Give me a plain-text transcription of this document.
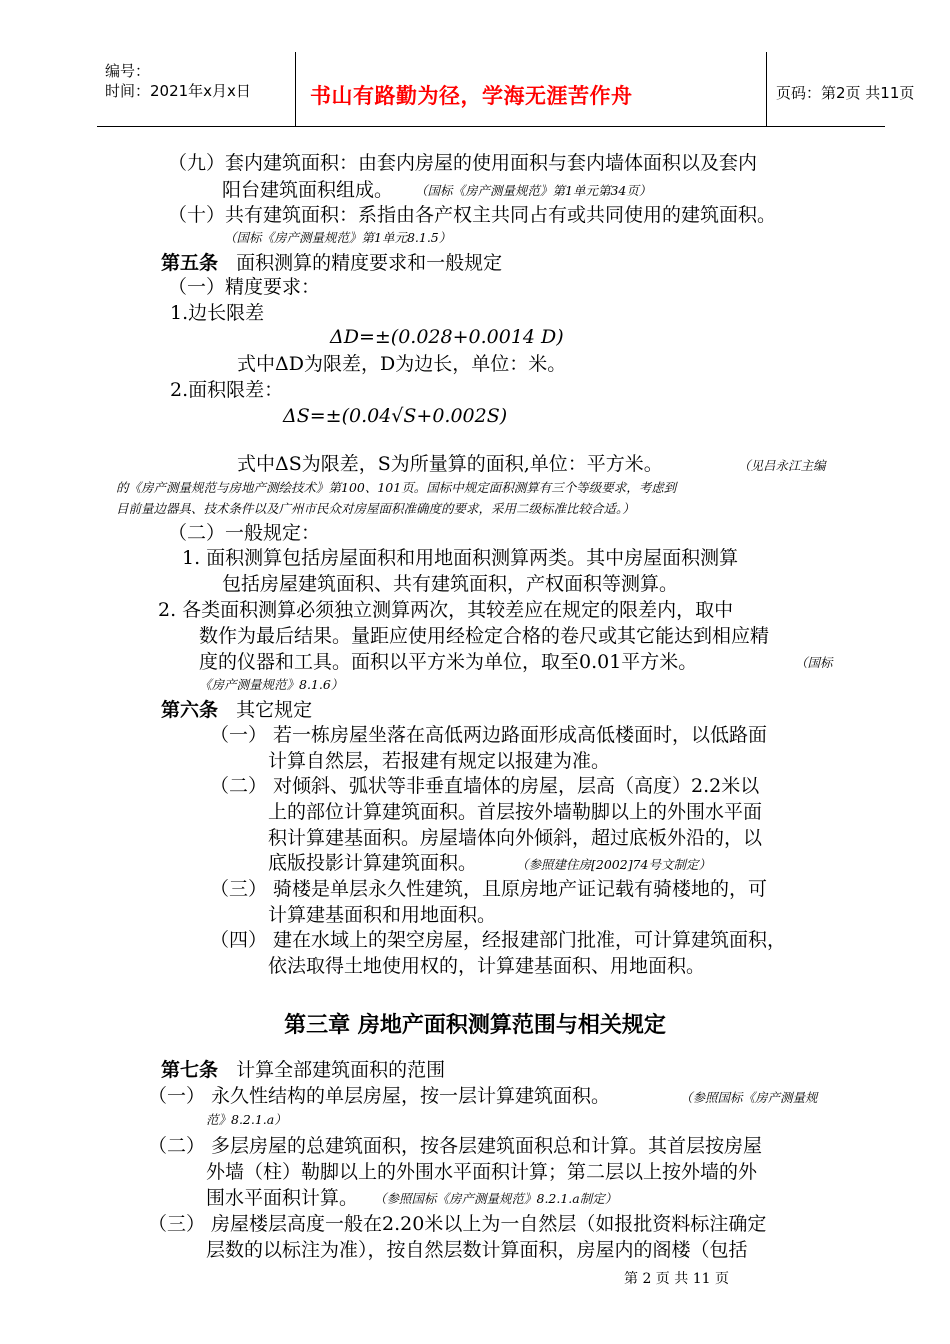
编号：
时间：2021年x月x日	书山有路勤为径，学海无涯苦作舟	页码：第2页 共11页
（九）套内建筑面积：由套内房屋的使用面积与套内墙体面积以及套内
阳台建筑面积组成。 （国标《房产测量规范》第1单元第34页）
（十）共有建筑面积：系指由各产权主共同占有或共同使用的建筑面积。
（国标《房产测量规范》第1单元8.1.5）
第五条 面积测算的精度要求和一般规定
（一）精度要求：
1.边长限差
ΔD=±(0.028+0.0014 D)
式中ΔD为限差，D为边长，单位：米。
2.面积限差：
ΔS=±(0.04√S+0.002S)
式中ΔS为限差，S为所量算的面积,单位：平方米。	（见吕永江主编
的《房产测量规范与房地产测绘技术》第100、101页。国标中规定面积测算有三个等级要求，考虑到
目前量边器具、技术条件以及广州市民众对房屋面积准确度的要求，采用二级标准比较合适。）
（二）一般规定：
1. 面积测算包括房屋面积和用地面积测算两类。其中房屋面积测算
包括房屋建筑面积、共有建筑面积，产权面积等测算。
2. 各类面积测算必须独立测算两次，其较差应在规定的限差内，取中
数作为最后结果。量距应使用经检定合格的卷尺或其它能达到相应精
度的仪器和工具。面积以平方米为单位，取至0.01平方米。	（国标
《房产测量规范》8.1.6）
第六条 其它规定
（一） 若一栋房屋坐落在高低两边路面形成高低楼面时，以低路面
计算自然层，若报建有规定以报建为准。
（二） 对倾斜、弧状等非垂直墙体的房屋，层高（高度）2.2米以
上的部位计算建筑面积。首层按外墙勒脚以上的外围水平面
积计算建基面积。房屋墙体向外倾斜，超过底板外沿的，以
底版投影计算建筑面积。	（参照建住房[2002]74号文制定）
（三） 骑楼是单层永久性建筑，且原房地产证记载有骑楼地的，可
计算建基面积和用地面积。
（四） 建在水域上的架空房屋，经报建部门批准，可计算建筑面积，
依法取得土地使用权的，计算建基面积、用地面积。
第三章 房地产面积测算范围与相关规定
第七条 计算全部建筑面积的范围
（一） 永久性结构的单层房屋，按一层计算建筑面积。	（参照国标《房产测量规
范》8.2.1.a）
（二） 多层房屋的总建筑面积，按各层建筑面积总和计算。其首层按房屋
外墙（柱）勒脚以上的外围水平面积计算；第二层以上按外墙的外
围水平面积计算。 （参照国标《房产测量规范》8.2.1.a制定）
（三） 房屋楼层高度一般在2.20米以上为一自然层（如报批资料标注确定
层数的以标注为准），按自然层数计算面积，房屋内的阁楼（包括
第 2 页 共 11 页
